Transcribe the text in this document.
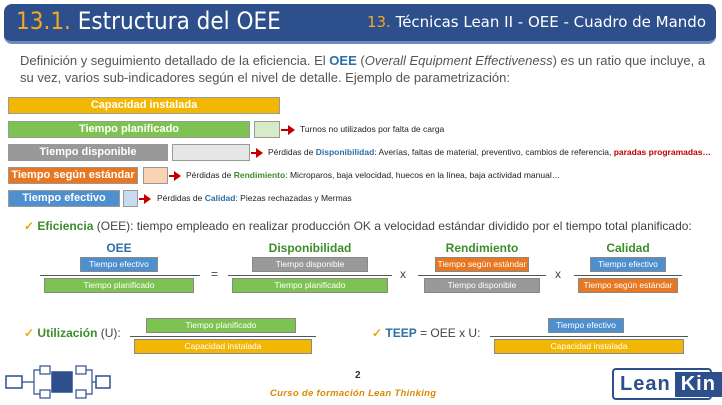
13.1. Estructura del OEE	13. Técnicas Lean II - OEE - Cuadro de Mando
Definición y seguimiento detallado de la eficiencia. El OEE (Overall Equipment Effectiveness) es un ratio que incluye, a su vez, varios sub-indicadores según el nivel de detalle. Ejemplo de parametrización:
Capacidad instalada
Tiempo planificado	Turnos no utilizados por falta de carga
Tiempo disponible	Pérdidas de Disponibilidad: Averías, faltas de material, preventivo, cambios de referencia, paradas programadas…
Tiempo según estándar	Pérdidas de Rendimiento: Microparos, baja velocidad, huecos en la línea, baja actividad manual…
Tiempo efectivo	Pérdidas de Calidad: Piezas rechazadas y Mermas
✓ Eficiencia (OEE): tiempo empleado en realizar producción OK a velocidad estándar dividido por el tiempo total planificado:
OEE
Tiempo efectivo
Tiempo planificado
=
Disponibilidad
Tiempo disponible
Tiempo planificado
x
Rendimiento
Tiempo según estándar
Tiempo disponible
x
Calidad
Tiempo efectivo
Tiempo según estándar
✓ Utilización (U):
Tiempo planificado
Capacidad instalada
✓ TEEP = OEE x U:
Tiempo efectivo
Capacidad instalada
2
Curso de formación Lean Thinking	Lean Kin
